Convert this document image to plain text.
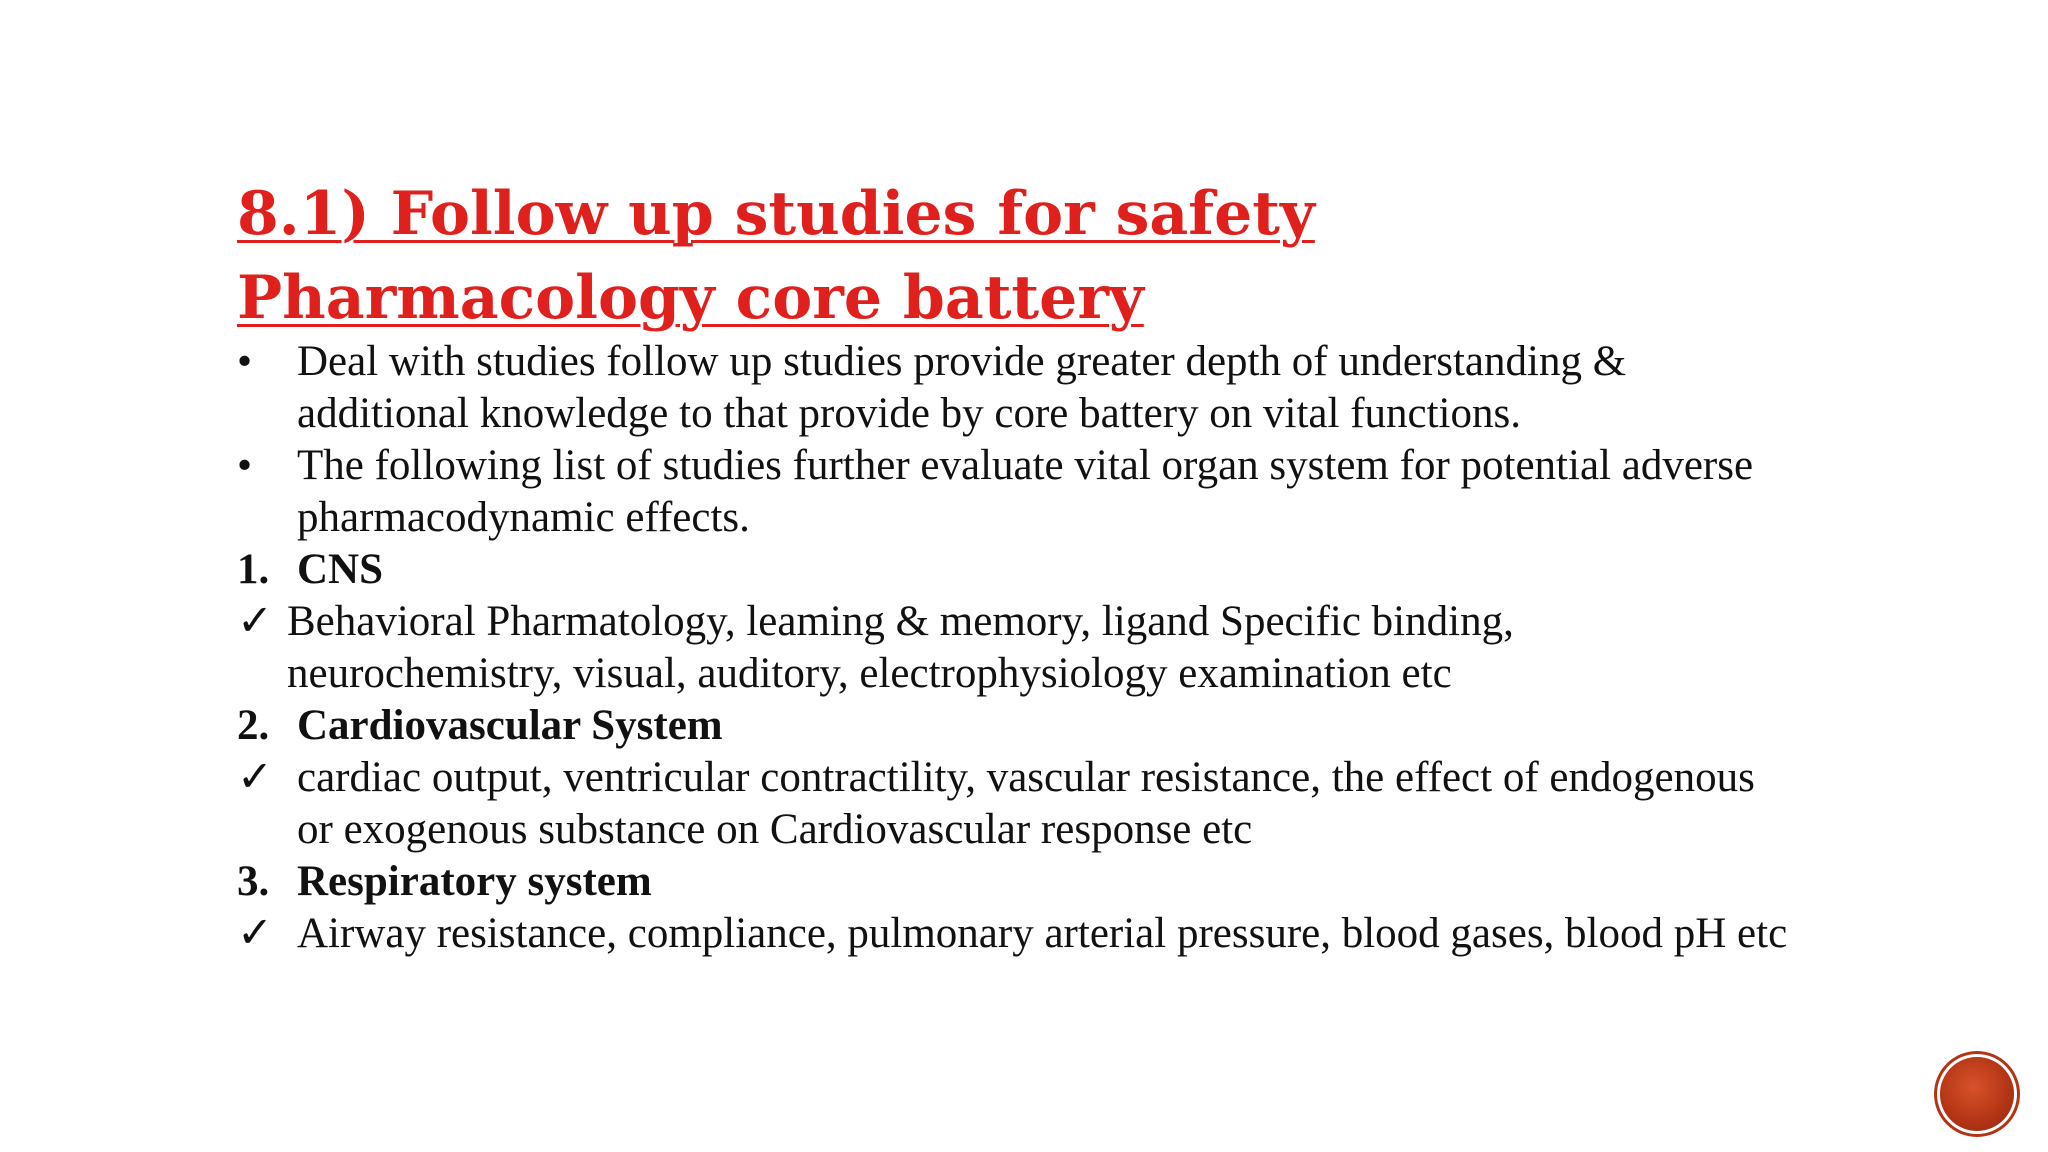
8.1) Follow up studies for safety Pharmacology core battery
• Deal with studies follow up studies provide greater depth of understanding & additional knowledge to that provide by core battery on vital functions.
• The following list of studies further evaluate vital organ system for potential adverse pharmacodynamic effects.
1. CNS
✓ Behavioral Pharmatology, leaming & memory, ligand Specific binding, neurochemistry, visual, auditory, electrophysiology examination etc
2. Cardiovascular System
✓ cardiac output, ventricular contractility, vascular resistance, the effect of endogenous or exogenous substance on Cardiovascular response etc
3. Respiratory system
✓ Airway resistance, compliance, pulmonary arterial pressure, blood gases, blood pH etc
